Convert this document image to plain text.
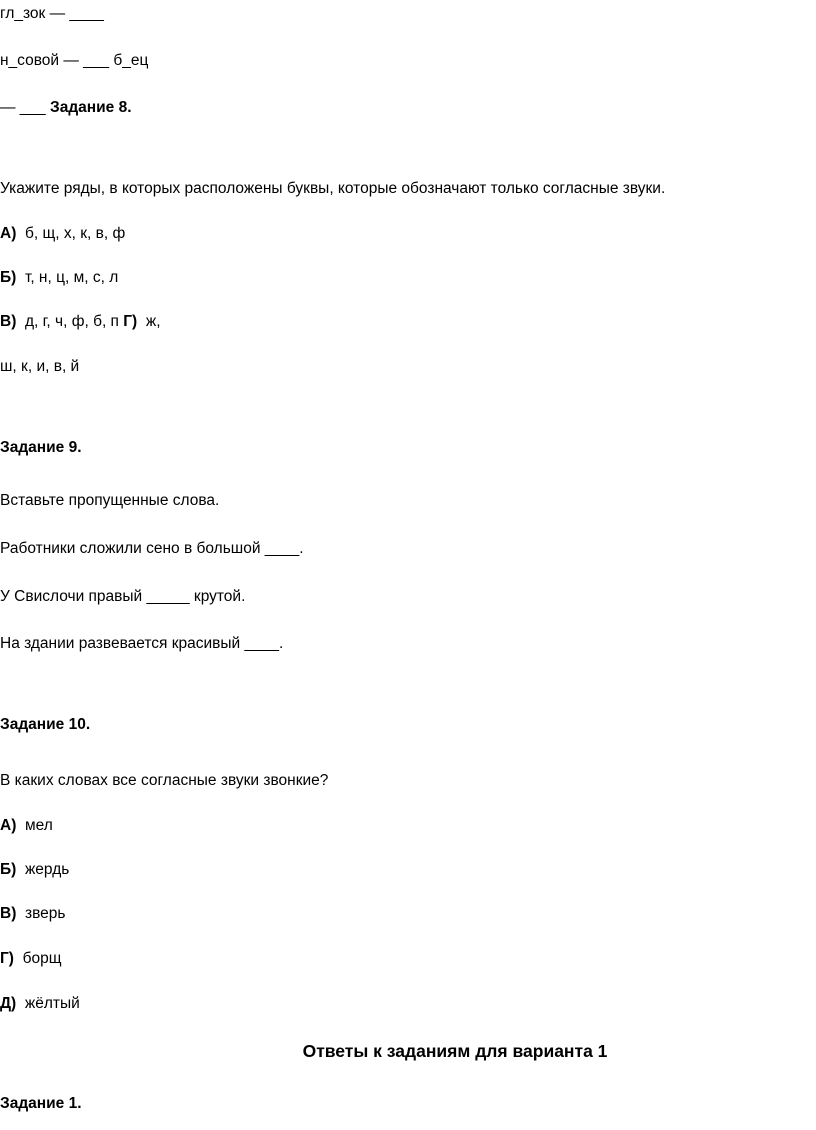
гл_зок — ____
н_совой — ___ б_ец
— ___ Задание 8.
Укажите ряды, в которых расположены буквы, которые обозначают только согласные звуки.
А) б, щ, х, к, в, ф
Б) т, н, ц, м, с, л
В) д, г, ч, ф, б, п Г) ж,
ш, к, и, в, й
Задание 9.
Вставьте пропущенные слова.
Работники сложили сено в большой ____.
У Свислочи правый _____ крутой.
На здании развевается красивый ____.
Задание 10.
В каких словах все согласные звуки звонкие?
А) мел
Б) жердь
В) зверь
Г) борщ
Д) жёлтый
Ответы к заданиям для варианта 1
Задание 1.
